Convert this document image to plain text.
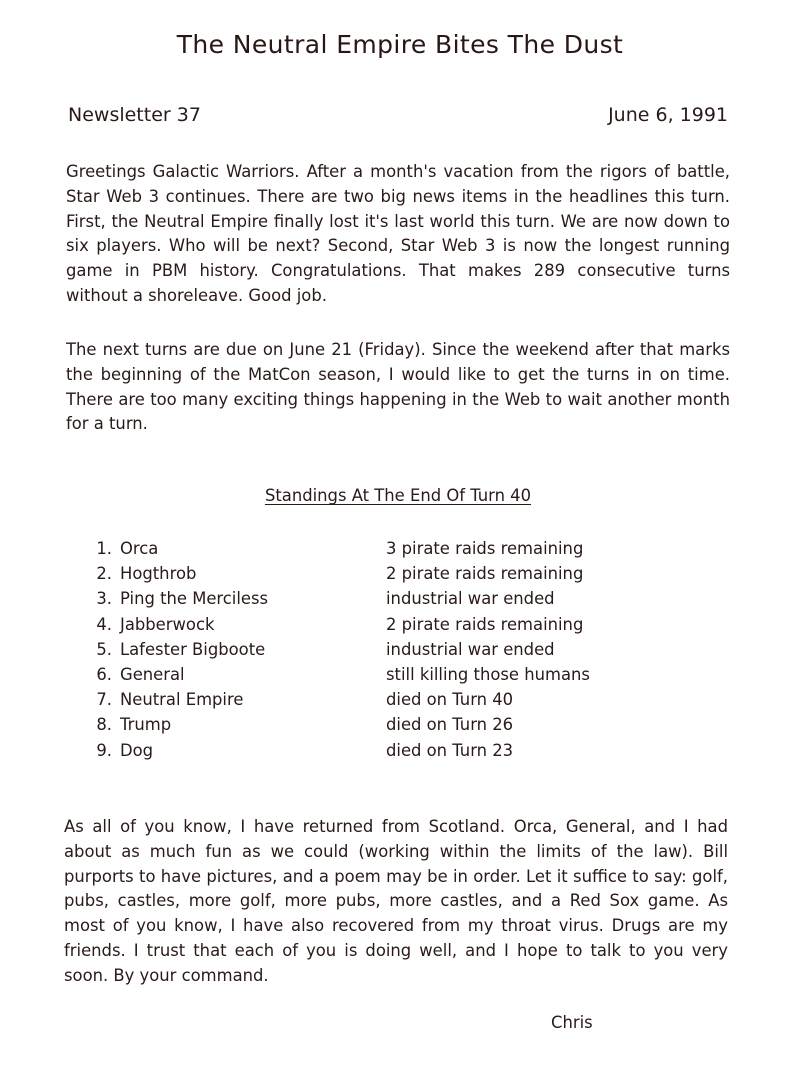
The Neutral Empire Bites The Dust
Newsletter 37	June 6, 1991

Greetings Galactic Warriors. After a month's vacation from the rigors of battle, Star Web 3 continues. There are two big news items in the headlines this turn. First, the Neutral Empire finally lost it's last world this turn. We are now down to six players. Who will be next? Second, Star Web 3 is now the longest running game in PBM history. Congratulations. That makes 289 consecutive turns without a shoreleave. Good job.

The next turns are due on June 21 (Friday). Since the weekend after that marks the beginning of the MatCon season, I would like to get the turns in on time. There are too many exciting things happening in the Web to wait another month for a turn.

Standings At The End Of Turn 40
1. Orca	3 pirate raids remaining
2. Hogthrob	2 pirate raids remaining
3. Ping the Merciless	industrial war ended
4. Jabberwock	2 pirate raids remaining
5. Lafester Bigboote	industrial war ended
6. General	still killing those humans
7. Neutral Empire	died on Turn 40
8. Trump	died on Turn 26
9. Dog	died on Turn 23

As all of you know, I have returned from Scotland. Orca, General, and I had about as much fun as we could (working within the limits of the law). Bill purports to have pictures, and a poem may be in order. Let it suffice to say: golf, pubs, castles, more golf, more pubs, more castles, and a Red Sox game. As most of you know, I have also recovered from my throat virus. Drugs are my friends. I trust that each of you is doing well, and I hope to talk to you very soon. By your command.

Chris
